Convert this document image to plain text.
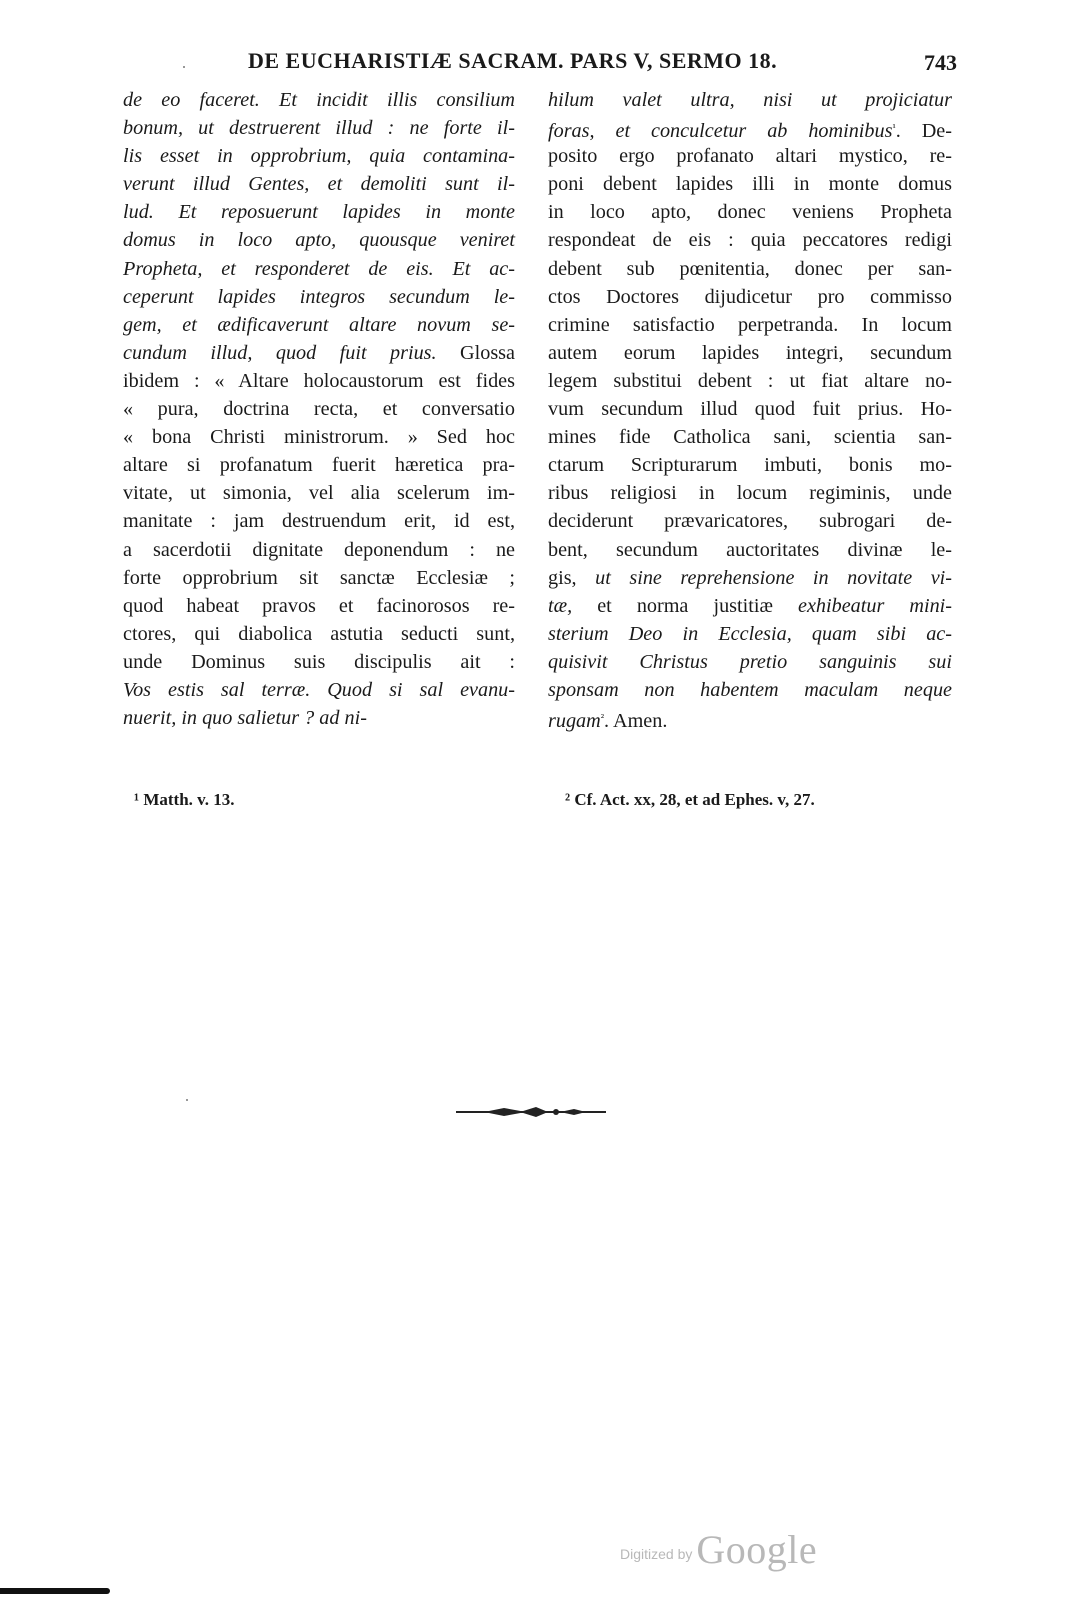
DE EUCHARISTIÆ SACRAM. PARS V, SERMO 18.	743
de eo faceret. Et incidit illis consilium
bonum, ut destruerent illud : ne forte il-
lis esset in opprobrium, quia contamina-
verunt illud Gentes, et demoliti sunt il-
lud. Et reposuerunt lapides in monte
domus in loco apto, quousque veniret
Propheta, et responderet de eis. Et ac-
ceperunt lapides integros secundum le-
gem, et ædificaverunt altare novum se-
cundum illud, quod fuit prius. Glossa
ibidem : « Altare holocaustorum est fides
« pura, doctrina recta, et conversatio
« bona Christi ministrorum. » Sed hoc
altare si profanatum fuerit hæretica pra-
vitate, ut simonia, vel alia scelerum im-
manitate : jam destruendum erit, id est,
a sacerdotii dignitate deponendum : ne
forte opprobrium sit sanctæ Ecclesiæ ;
quod habeat pravos et facinorosos re-
ctores, qui diabolica astutia seducti sunt,
unde Dominus suis discipulis ait :
Vos estis sal terræ. Quod si sal evanu-
nuerit, in quo salietur ? ad ni-
hilum valet ultra, nisi ut projiciatur
foras, et conculcetur ab hominibus$^{^1}$. De-
posito ergo profanato altari mystico, re-
poni debent lapides illi in monte domus
in loco apto, donec veniens Propheta
respondeat de eis : quia peccatores redigi
debent sub pœnitentia, donec per san-
ctos Doctores dijudicetur pro commisso
crimine satisfactio perpetranda. In locum
autem eorum lapides integri, secundum
legem substitui debent : ut fiat altare no-
vum secundum illud quod fuit prius. Ho-
mines fide Catholica sani, scientia san-
ctarum Scripturarum imbuti, bonis mo-
ribus religiosi in locum regiminis, unde
deciderunt prævaricatores, subrogari de-
bent, secundum auctoritates divinæ le-
gis, ut sine reprehensione in novitate vi-
tæ, et norma justitiæ exhibeatur mini-
sterium Deo in Ecclesia, quam sibi ac-
quisivit Christus pretio sanguinis sui
sponsam non habentem maculam neque
rugam$^{^2}$. Amen.
¹ Matth. v. 13.	² Cf. Act. xx, 28, et ad Ephes. v, 27.
Digitized by Google
